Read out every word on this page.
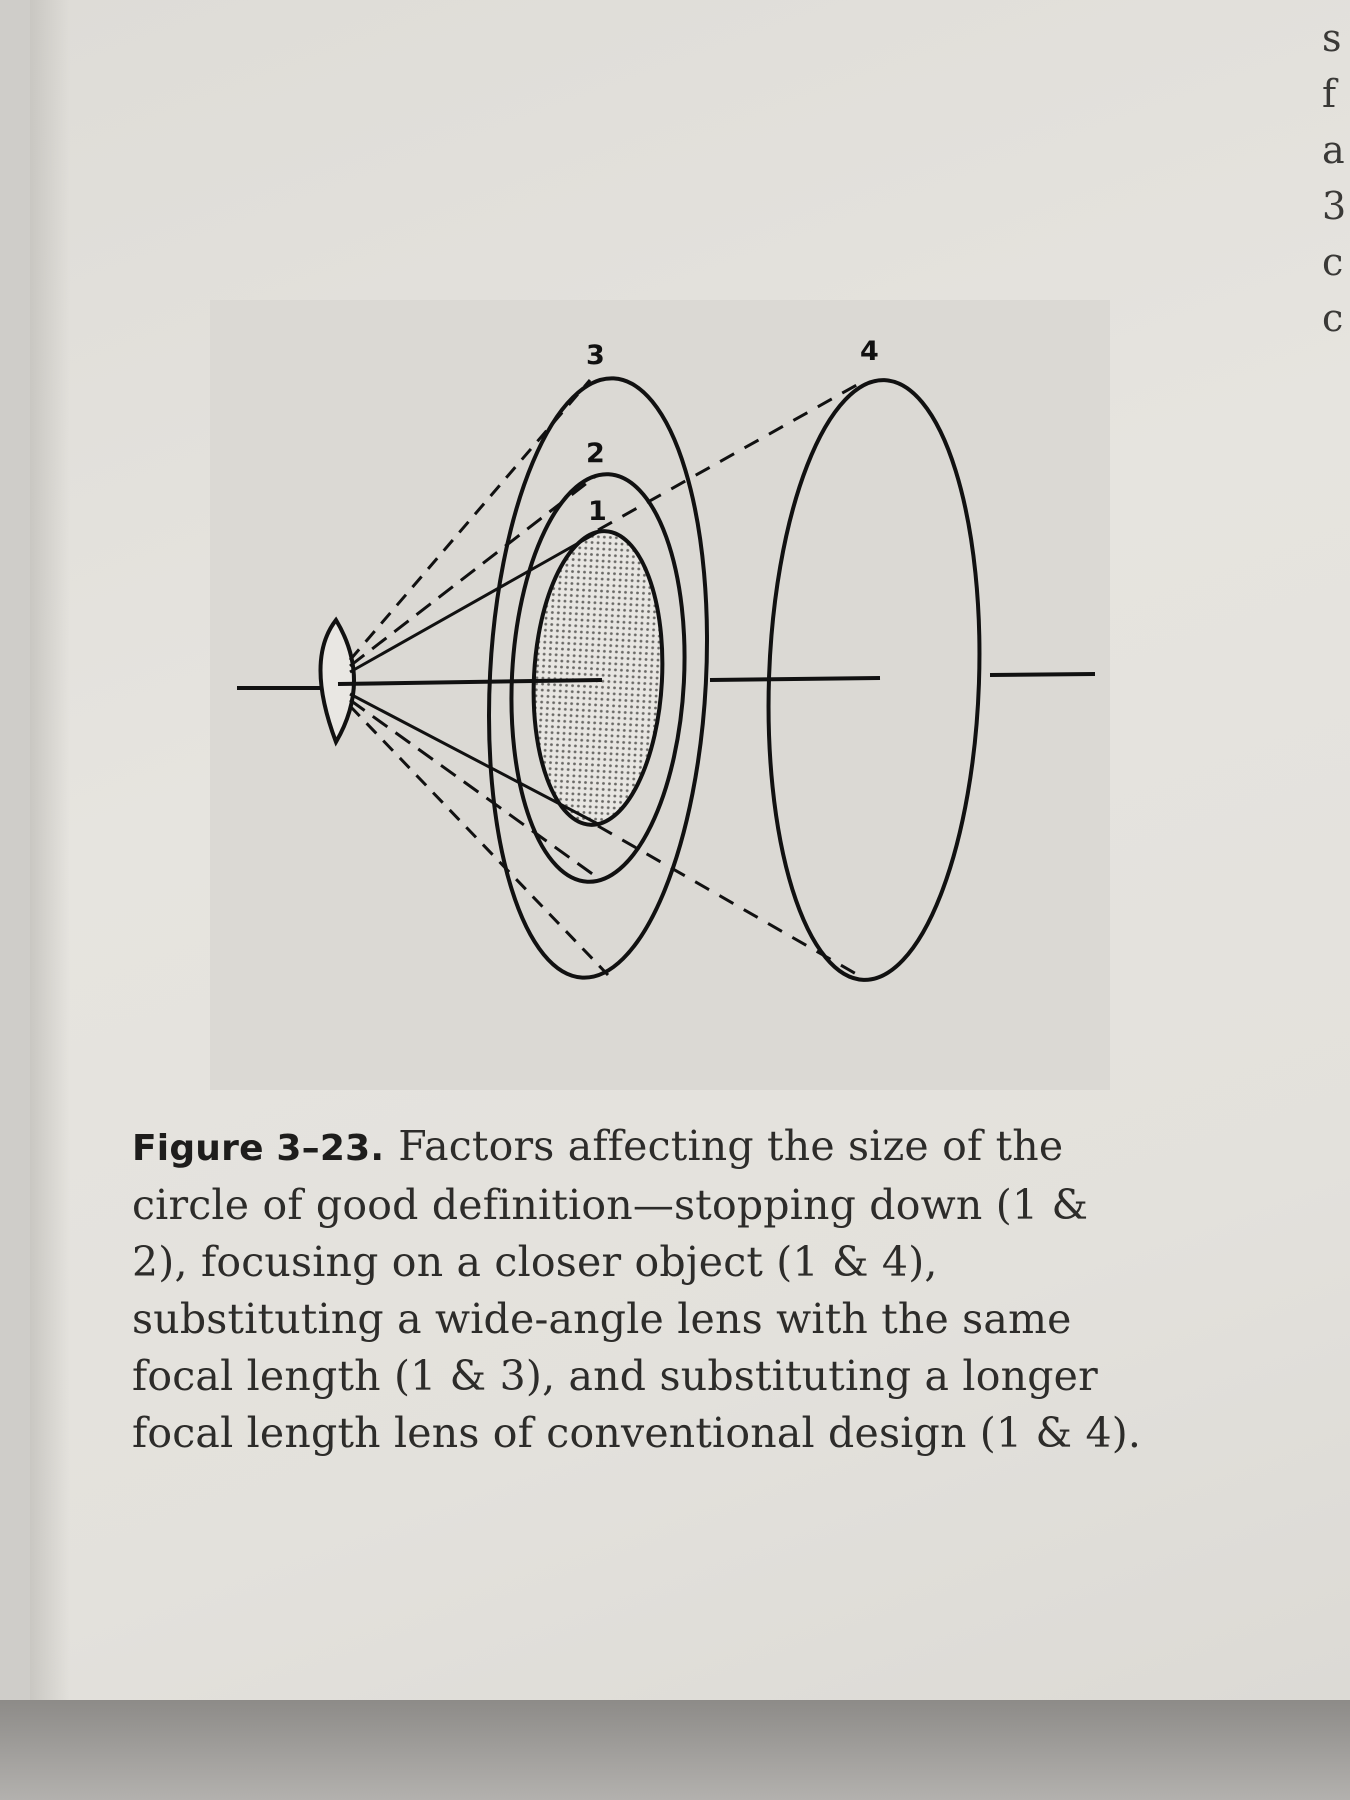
1
2
3	4
Figure 3–23. Factors affecting the size of the
circle of good definition—stopping down (1 &
2), focusing on a closer object (1 & 4),
substituting a wide-angle lens with the same
focal length (1 & 3), and substituting a longer
focal length lens of conventional design (1 & 4).
s
f
a
3
c
c
